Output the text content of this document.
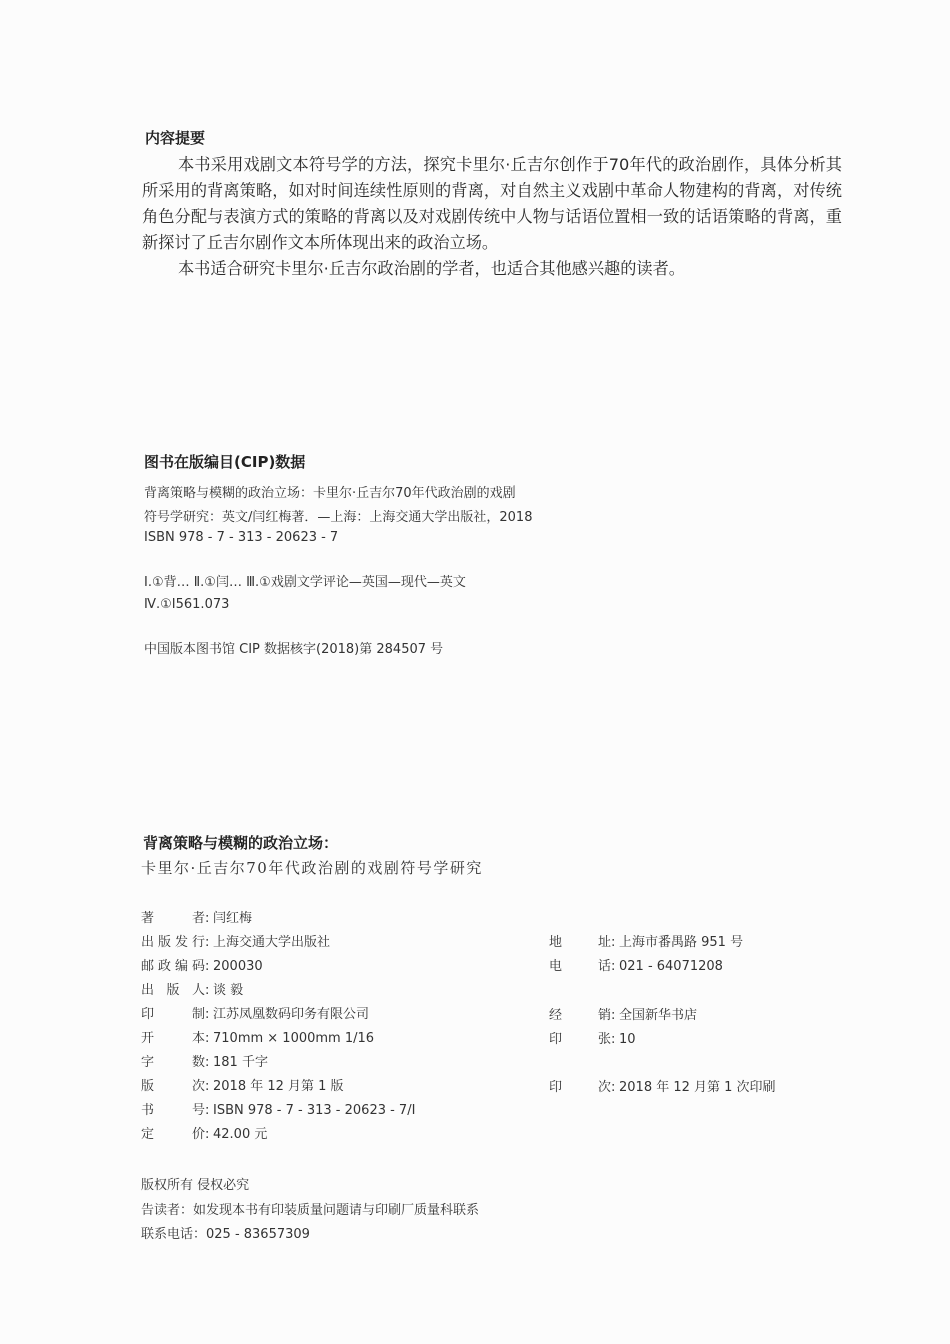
内容提要

本书采用戏剧文本符号学的方法，探究卡里尔·丘吉尔创作于70年代的政治剧作，具体分析其所采用的背离策略，如对时间连续性原则的背离，对自然主义戏剧中革命人物建构的背离，对传统角色分配与表演方式的策略的背离以及对戏剧传统中人物与话语位置相一致的话语策略的背离，重新探讨了丘吉尔剧作文本所体现出来的政治立场。

本书适合研究卡里尔·丘吉尔政治剧的学者，也适合其他感兴趣的读者。

图书在版编目(CIP)数据
背离策略与模糊的政治立场：卡里尔·丘吉尔70年代政治剧的戏剧
符号学研究：英文/闫红梅著．—上海：上海交通大学出版社，2018
ISBN 978 - 7 - 313 - 20623 - 7
Ⅰ.①背… Ⅱ.①闫… Ⅲ.①戏剧文学评论—英国—现代—英文
Ⅳ.①I561.073
中国版本图书馆 CIP 数据核字(2018)第 284507 号
背离策略与模糊的政治立场：
卡里尔·丘吉尔70年代政治剧的戏剧符号学研究
著者: 闫红梅
出版发行: 上海交通大学出版社
邮政编码: 200030
出版人: 谈 毅
印制: 江苏凤凰数码印务有限公司
开本: 710mm × 1000mm 1/16
字数: 181 千字
版次: 2018 年 12 月第 1 版
书号: ISBN 978 - 7 - 313 - 20623 - 7/I
定价: 42.00 元
地址: 上海市番禺路 951 号
电话: 021 - 64071208
经销: 全国新华书店
印张: 10
印次: 2018 年 12 月第 1 次印刷
版权所有 侵权必究
告读者：如发现本书有印装质量问题请与印刷厂质量科联系
联系电话：025 - 83657309
